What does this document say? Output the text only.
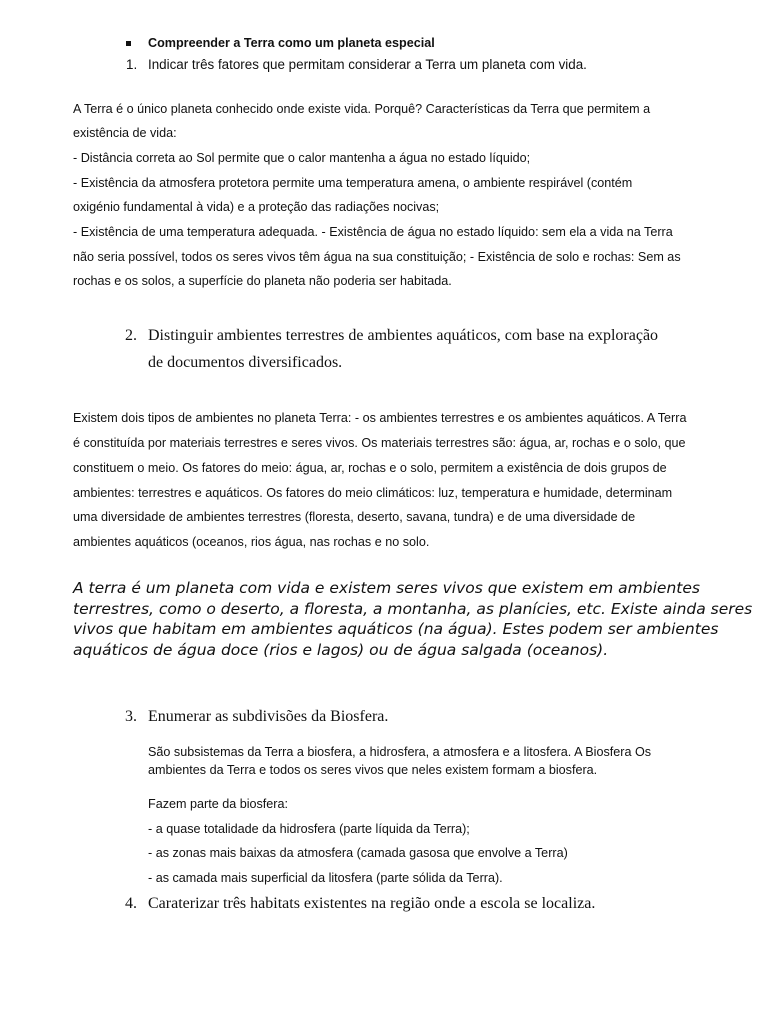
Compreender a Terra como um planeta especial
1. Indicar três fatores que permitam considerar a Terra um planeta com vida.
A Terra é o único planeta conhecido onde existe vida. Porquê? Características da Terra que permitem a
existência de vida:
- Distância correta ao Sol permite que o calor mantenha a água no estado líquido;
- Existência da atmosfera protetora permite uma temperatura amena, o ambiente respirável (contém
oxigénio fundamental à vida) e a proteção das radiações nocivas;
- Existência de uma temperatura adequada. - Existência de água no estado líquido: sem ela a vida na Terra
não seria possível, todos os seres vivos têm água na sua constituição; - Existência de solo e rochas: Sem as
rochas e os solos, a superfície do planeta não poderia ser habitada.
2. Distinguir ambientes terrestres de ambientes aquáticos, com base na exploração
de documentos diversificados.
Existem dois tipos de ambientes no planeta Terra: - os ambientes terrestres e os ambientes aquáticos. A Terra
é constituída por materiais terrestres e seres vivos. Os materiais terrestres são: água, ar, rochas e o solo, que
constituem o meio. Os fatores do meio: água, ar, rochas e o solo, permitem a existência de dois grupos de
ambientes: terrestres e aquáticos. Os fatores do meio climáticos: luz, temperatura e humidade, determinam
uma diversidade de ambientes terrestres (floresta, deserto, savana, tundra) e de uma diversidade de
ambientes aquáticos (oceanos, rios água, nas rochas e no solo.
A terra é um planeta com vida e existem seres vivos que existem em ambientes
terrestres, como o deserto, a floresta, a montanha, as planícies, etc. Existe ainda seres
vivos que habitam em ambientes aquáticos (na água). Estes podem ser ambientes
aquáticos de água doce (rios e lagos) ou de água salgada (oceanos).
3. Enumerar as subdivisões da Biosfera.
São subsistemas da Terra a biosfera, a hidrosfera, a atmosfera e a litosfera. A Biosfera Os
ambientes da Terra e todos os seres vivos que neles existem formam a biosfera.
Fazem parte da biosfera:
- a quase totalidade da hidrosfera (parte líquida da Terra);
- as zonas mais baixas da atmosfera (camada gasosa que envolve a Terra)
- as camada mais superficial da litosfera (parte sólida da Terra).
4. Caraterizar três habitats existentes na região onde a escola se localiza.
